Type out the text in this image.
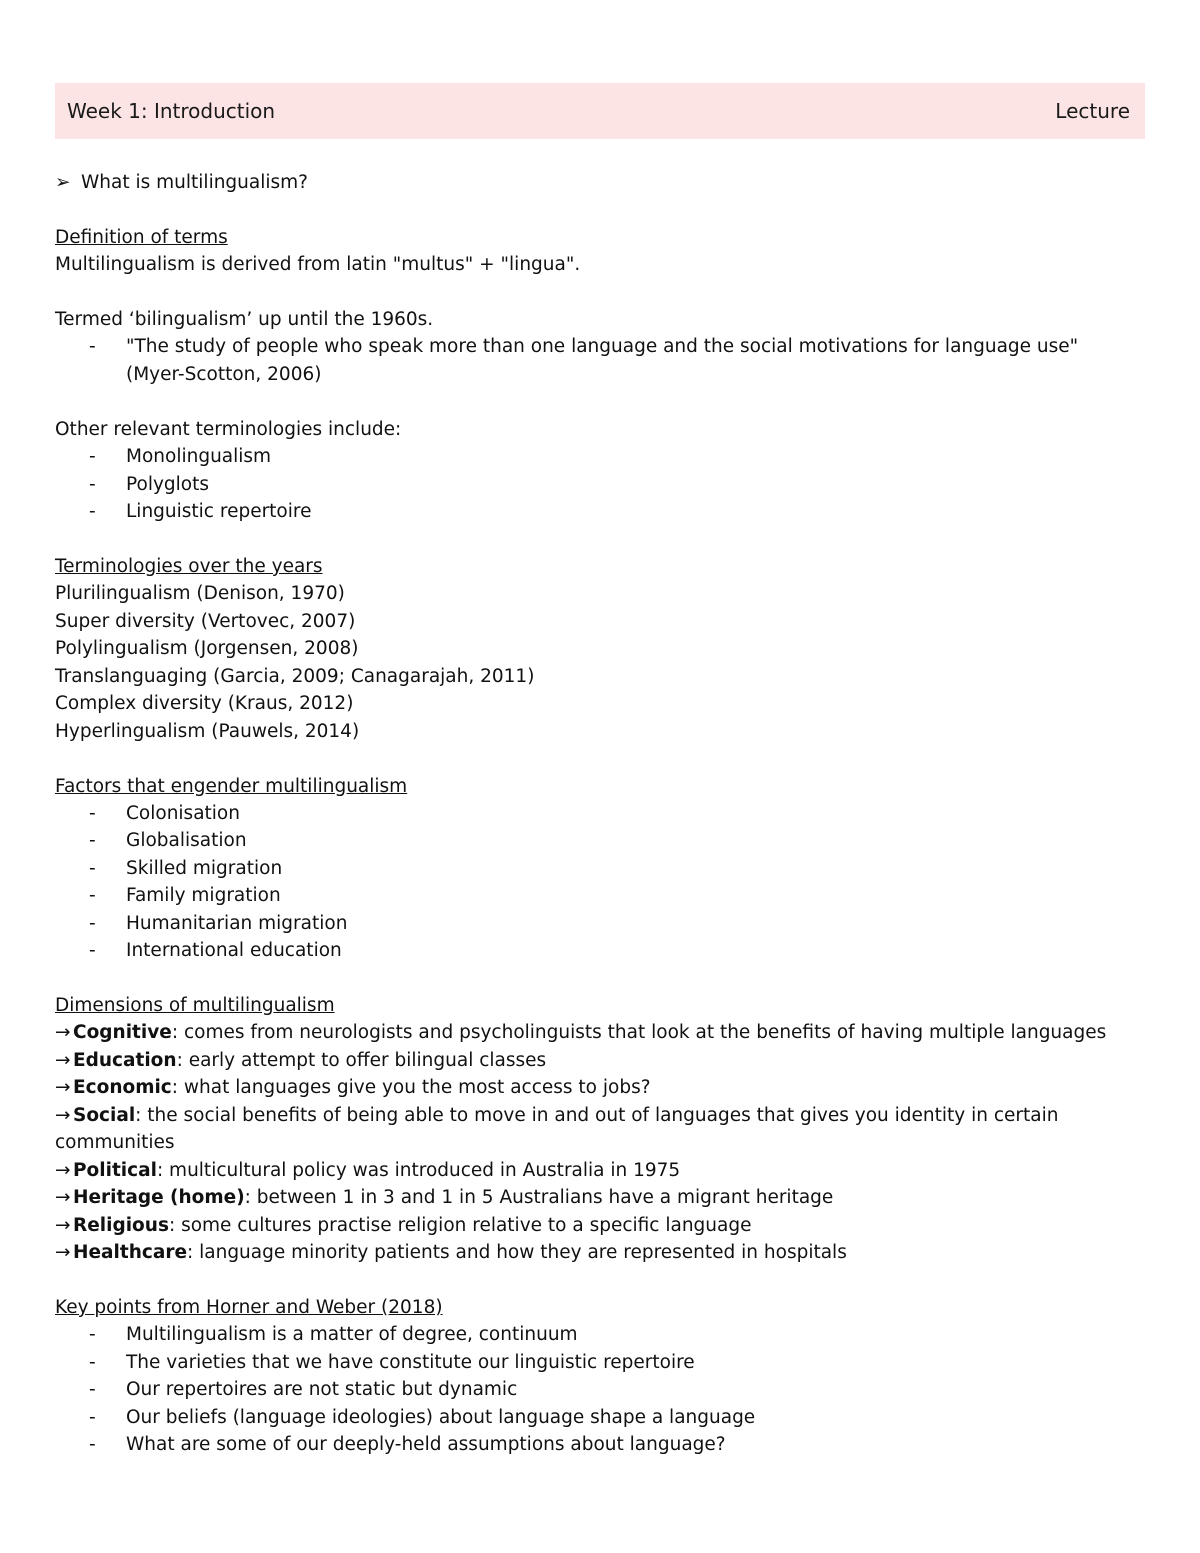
Week 1: Introduction	Lecture
➢ What is multilingualism?
Definition of terms

Multilingualism is derived from latin "multus" + "lingua".

Termed ‘bilingualism’ up until the 1960s.

- "The study of people who speak more than one language and the social motivations for language use"
(Myer-Scotton, 2006)

Other relevant terminologies include:

- Monolingualism
- Polyglots
- Linguistic repertoire
Terminologies over the years

Plurilingualism (Denison, 1970)

Super diversity (Vertovec, 2007)

Polylingualism (Jorgensen, 2008)

Translanguaging (Garcia, 2009; Canagarajah, 2011)

Complex diversity (Kraus, 2012)

Hyperlingualism (Pauwels, 2014)

Factors that engender multilingualism
- Colonisation
- Globalisation
- Skilled migration
- Family migration
- Humanitarian migration
- International education
Dimensions of multilingualism
→ Cognitive: comes from neurologists and psycholinguists that look at the benefits of having multiple languages
→ Education: early attempt to offer bilingual classes
→ Economic: what languages give you the most access to jobs?
→ Social: the social benefits of being able to move in and out of languages that gives you identity in certain communities
→ Political: multicultural policy was introduced in Australia in 1975
→ Heritage (home): between 1 in 3 and 1 in 5 Australians have a migrant heritage
→ Religious: some cultures practise religion relative to a specific language
→ Healthcare: language minority patients and how they are represented in hospitals
Key points from Horner and Weber (2018)
- Multilingualism is a matter of degree, continuum
- The varieties that we have constitute our linguistic repertoire
- Our repertoires are not static but dynamic
- Our beliefs (language ideologies) about language shape a language
- What are some of our deeply-held assumptions about language?
